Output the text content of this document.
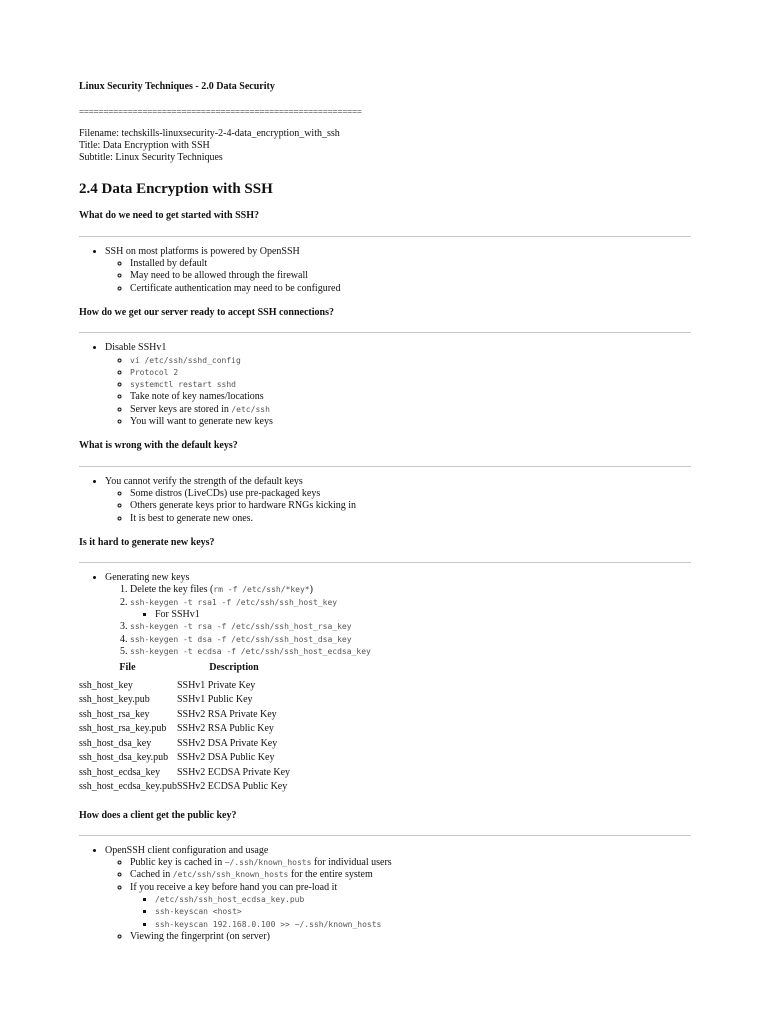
Linux Security Techniques - 2.0 Data Security

==========================================================
Filename: techskills-linuxsecurity-2-4-data_encryption_with_ssh
Title: Data Encryption with SSH
Subtitle: Linux Security Techniques
2.4 Data Encryption with SSH
What do we need to get started with SSH?
• SSH on most platforms is powered by OpenSSH
◦ Installed by default
◦ May need to be allowed through the firewall
◦ Certificate authentication may need to be configured
How do we get our server ready to accept SSH connections?
• Disable SSHv1
◦ vi /etc/ssh/sshd_config
◦ Protocol 2
◦ systemctl restart sshd
◦ Take note of key names/locations
◦ Server keys are stored in /etc/ssh
◦ You will want to generate new keys
What is wrong with the default keys?
• You cannot verify the strength of the default keys
◦ Some distros (LiveCDs) use pre-packaged keys
◦ Others generate keys prior to hardware RNGs kicking in
◦ It is best to generate new ones.
Is it hard to generate new keys?
• Generating new keys
1. Delete the key files (rm -f /etc/ssh/*key*)
2. ssh-keygen -t rsa1 -f /etc/ssh/ssh_host_key
▪ For SSHv1
3. ssh-keygen -t rsa -f /etc/ssh/ssh_host_rsa_key
4. ssh-keygen -t dsa -f /etc/ssh/ssh_host_dsa_key
5. ssh-keygen -t ecdsa -f /etc/ssh/ssh_host_ecdsa_key
File	Description
ssh_host_key	SSHv1 Private Key
ssh_host_key.pub	SSHv1 Public Key
ssh_host_rsa_key	SSHv2 RSA Private Key
ssh_host_rsa_key.pub	SSHv2 RSA Public Key
ssh_host_dsa_key	SSHv2 DSA Private Key
ssh_host_dsa_key.pub	SSHv2 DSA Public Key
ssh_host_ecdsa_key	SSHv2 ECDSA Private Key
ssh_host_ecdsa_key.pub	SSHv2 ECDSA Public Key
How does a client get the public key?
• OpenSSH client configuration and usage
◦ Public key is cached in ~/.ssh/known_hosts for individual users
◦ Cached in /etc/ssh/ssh_known_hosts for the entire system
◦ If you receive a key before hand you can pre-load it
▪ /etc/ssh/ssh_host_ecdsa_key.pub
▪ ssh-keyscan <host>
▪ ssh-keyscan 192.168.0.100 >> ~/.ssh/known_hosts
◦ Viewing the fingerprint (on server)
